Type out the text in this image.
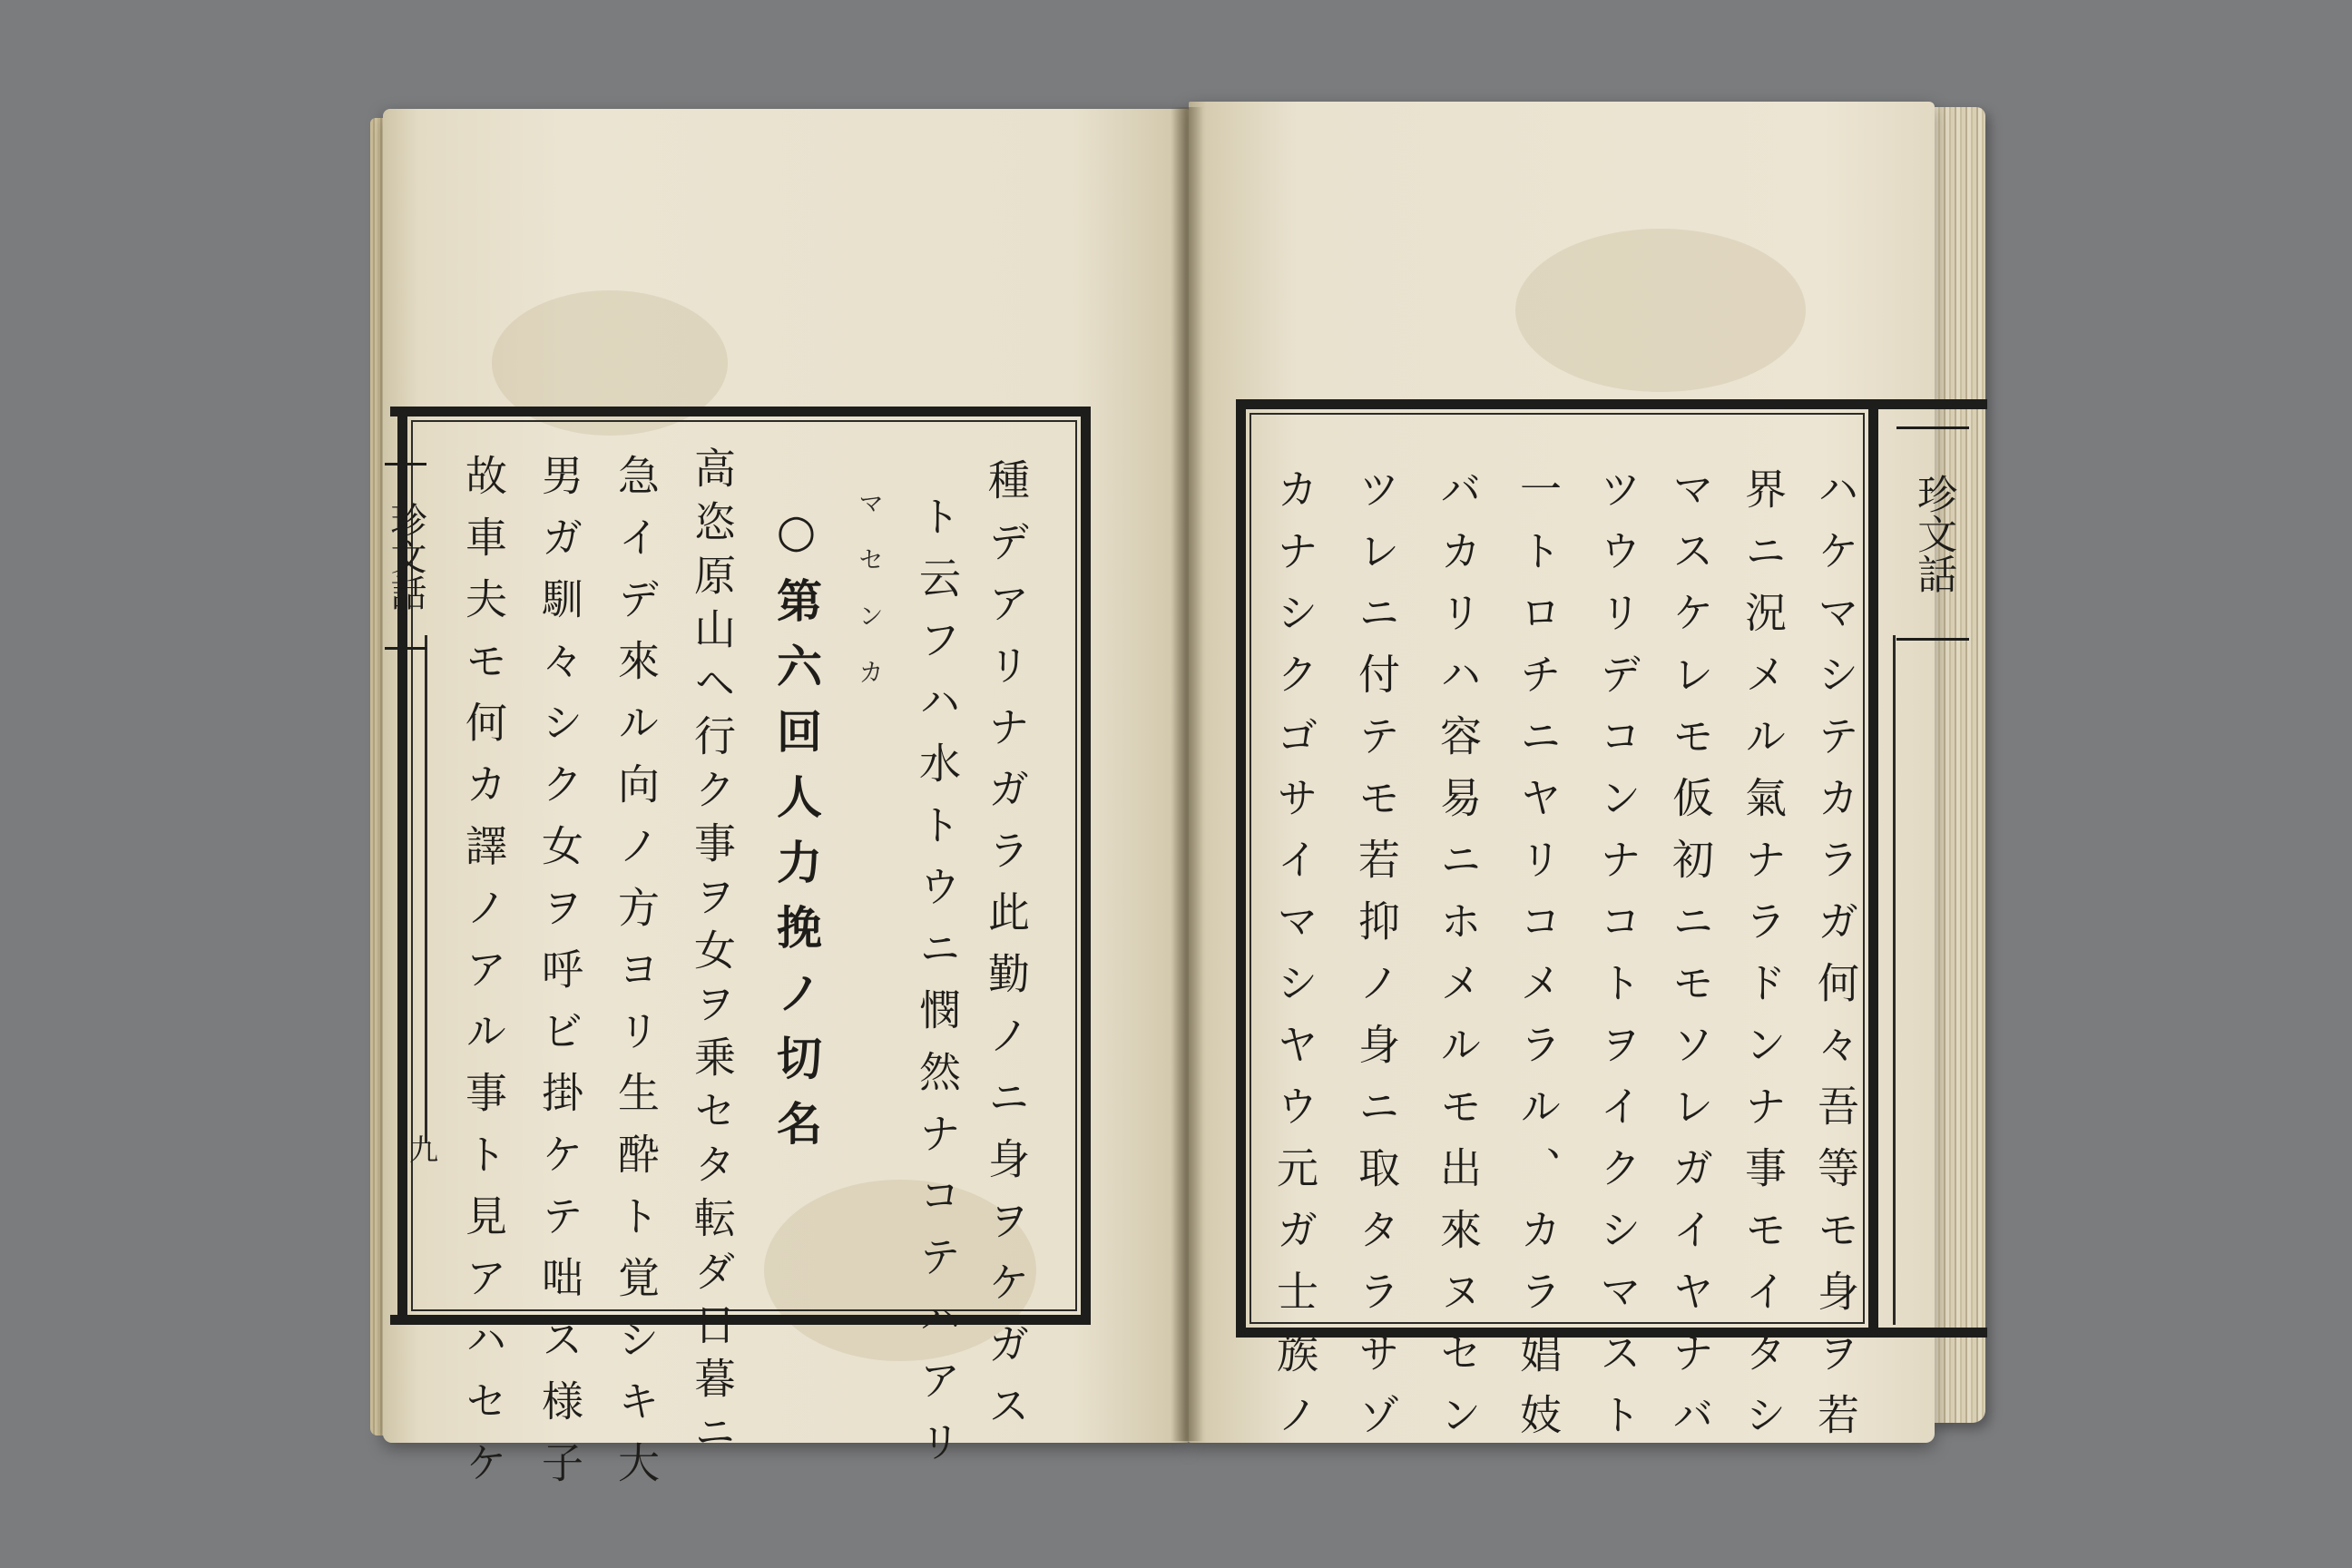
珍文話
九	種デアリナガラ此勤ノニ身ヲケガス
ト云フハ水トウニ憫然ナコテハアリ
マセンカ
○第六回人力挽ノ切名
高恣原山ヘ行ク事ヲ女ヲ乗セタ転ダ日暮ニ
急イデ來ル向ノ方ヨリ生酔ト覚シキ大
男ガ馴々シク女ヲ呼ビ掛ケテ咄ス様子
故車夫モ何カ譯ノアル事ト見アハセケ	珍文話
ハケマシテカラガ何々吾等モ身ヲ若
界ニ況メル氣ナラドンナ事モイタシ
マスケレモ仮初ニモソレガイヤナバ
ツウリデコンナコトヲイクシマスト
一トロチニヤリコメラル、カラ娼妓
バカリハ容易ニホメルモ出來ヌセン
ツレニ付テモ若抑ノ身ニ取タラサゾ
カナシクゴサイマシヤウ元ガ士族ノ
